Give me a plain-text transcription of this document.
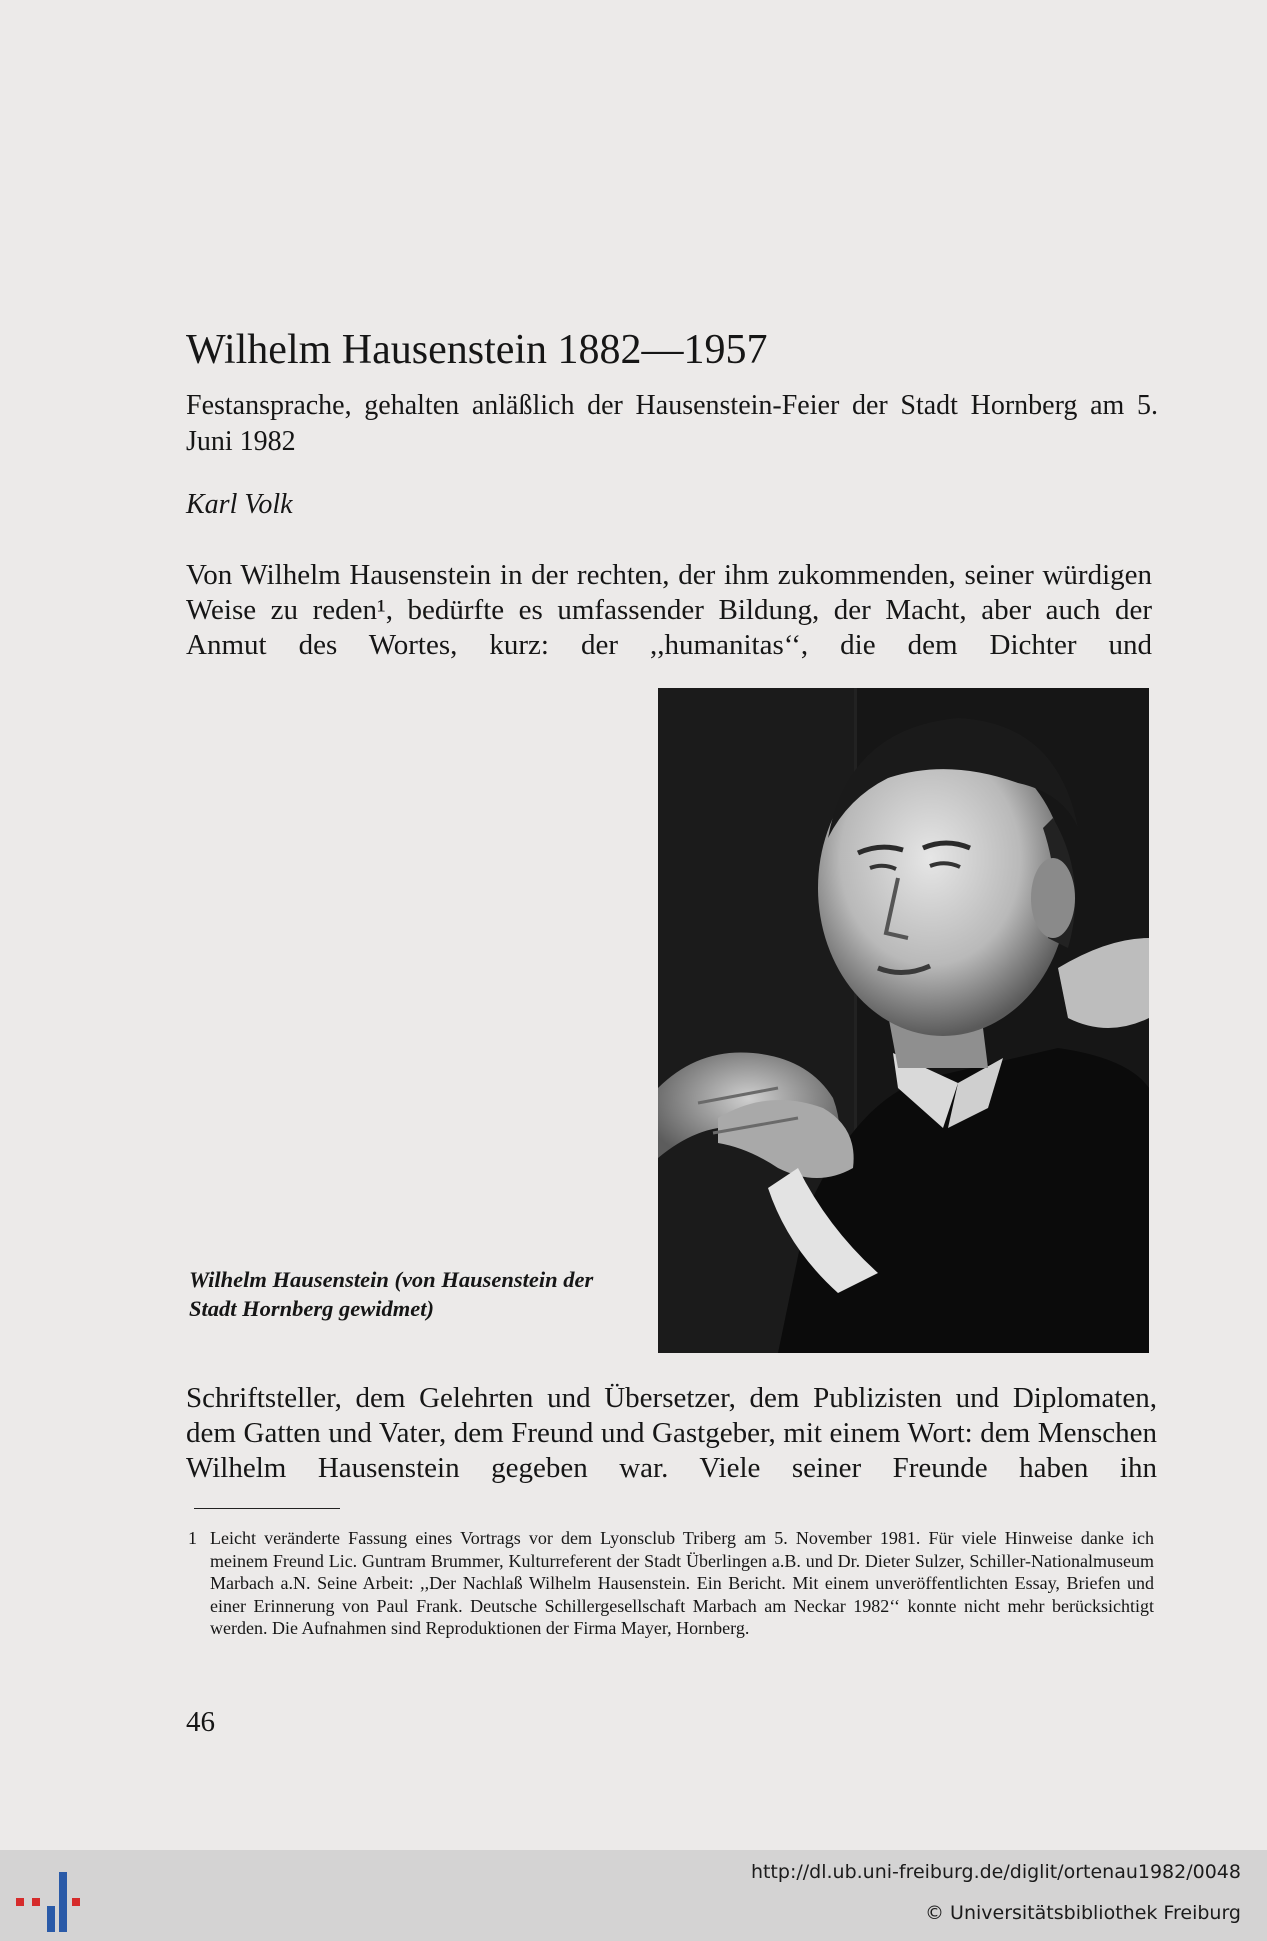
Wilhelm Hausenstein 1882—1957
Festansprache, gehalten anläßlich der Hausenstein-Feier der Stadt Hornberg am 5. Juni 1982
Karl Volk

Von Wilhelm Hausenstein in der rechten, der ihm zukommenden, seiner würdigen Weise zu reden¹, bedürfte es umfassender Bildung, der Macht, aber auch der Anmut des Wortes, kurz: der ,,humanitas‘‘, die dem Dichter und

Wilhelm Hausenstein (von Hausenstein der Stadt Hornberg gewidmet)

Schriftsteller, dem Gelehrten und Übersetzer, dem Publizisten und Diplomaten, dem Gatten und Vater, dem Freund und Gastgeber, mit einem Wort: dem Menschen Wilhelm Hausenstein gegeben war. Viele seiner Freunde haben ihn

1 Leicht veränderte Fassung eines Vortrags vor dem Lyonsclub Triberg am 5. November 1981. Für viele Hinweise danke ich meinem Freund Lic. Guntram Brummer, Kulturreferent der Stadt Überlingen a.B. und Dr. Dieter Sulzer, Schiller-Nationalmuseum Marbach a.N. Seine Arbeit: ,,Der Nachlaß Wilhelm Hausenstein. Ein Bericht. Mit einem unveröffentlichten Essay, Briefen und einer Erinnerung von Paul Frank. Deutsche Schillergesellschaft Marbach am Neckar 1982‘‘ konnte nicht mehr berücksichtigt werden. Die Aufnahmen sind Reproduktionen der Firma Mayer, Hornberg.

46
http://dl.ub.uni-freiburg.de/diglit/ortenau1982/0048
© Universitätsbibliothek Freiburg
